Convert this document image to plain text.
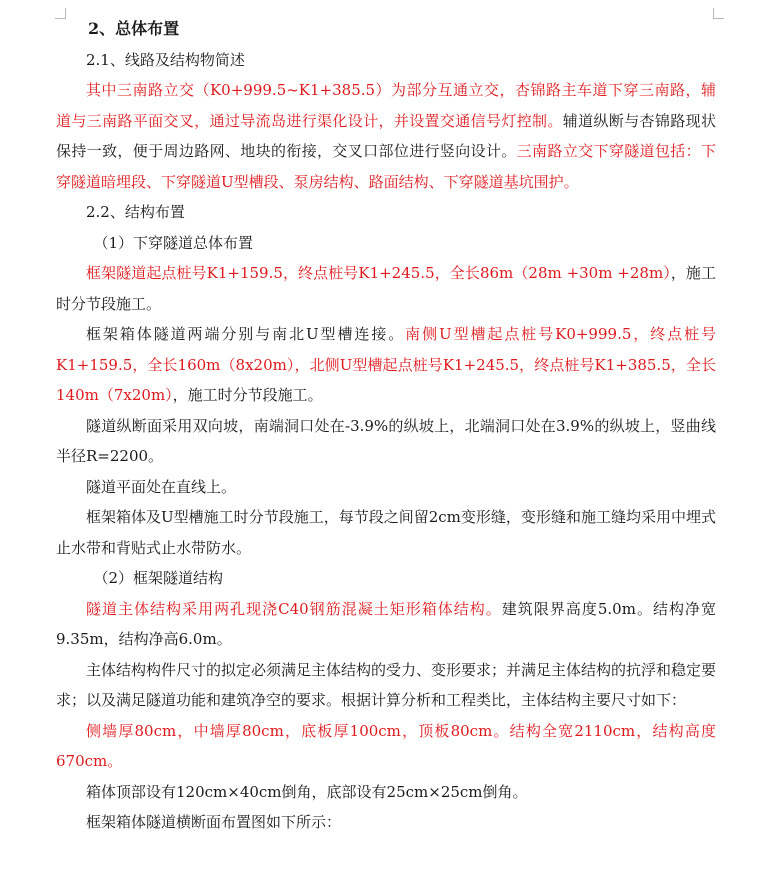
2、总体布置

2.1、线路及结构物简述

其中三南路立交（K0+999.5~K1+385.5）为部分互通立交，杏锦路主车道下穿三南路，辅道与三南路平面交叉，通过导流岛进行渠化设计，并设置交通信号灯控制。辅道纵断与杏锦路现状保持一致，便于周边路网、地块的衔接，交叉口部位进行竖向设计。三南路立交下穿隧道包括：下穿隧道暗埋段、下穿隧道U型槽段、泵房结构、路面结构、下穿隧道基坑围护。

2.2、结构布置

（1）下穿隧道总体布置

框架隧道起点桩号K1+159.5，终点桩号K1+245.5，全长86m（28m +30m +28m），施工时分节段施工。

框架箱体隧道两端分别与南北U型槽连接。南侧U型槽起点桩号K0+999.5，终点桩号K1+159.5，全长160m（8x20m），北侧U型槽起点桩号K1+245.5，终点桩号K1+385.5，全长140m（7x20m），施工时分节段施工。

隧道纵断面采用双向坡，南端洞口处在-3.9%的纵坡上，北端洞口处在3.9%的纵坡上，竖曲线半径R=2200。

隧道平面处在直线上。

框架箱体及U型槽施工时分节段施工，每节段之间留2cm变形缝，变形缝和施工缝均采用中埋式止水带和背贴式止水带防水。

（2）框架隧道结构

隧道主体结构采用两孔现浇C40钢筋混凝土矩形箱体结构。建筑限界高度5.0m。结构净宽9.35m，结构净高6.0m。

主体结构构件尺寸的拟定必须满足主体结构的受力、变形要求；并满足主体结构的抗浮和稳定要求；以及满足隧道功能和建筑净空的要求。根据计算分析和工程类比，主体结构主要尺寸如下：

侧墙厚80cm，中墙厚80cm，底板厚100cm，顶板80cm。结构全宽2110cm，结构高度670cm。

箱体顶部设有120cm×40cm倒角，底部设有25cm×25cm倒角。

框架箱体隧道横断面布置图如下所示：
